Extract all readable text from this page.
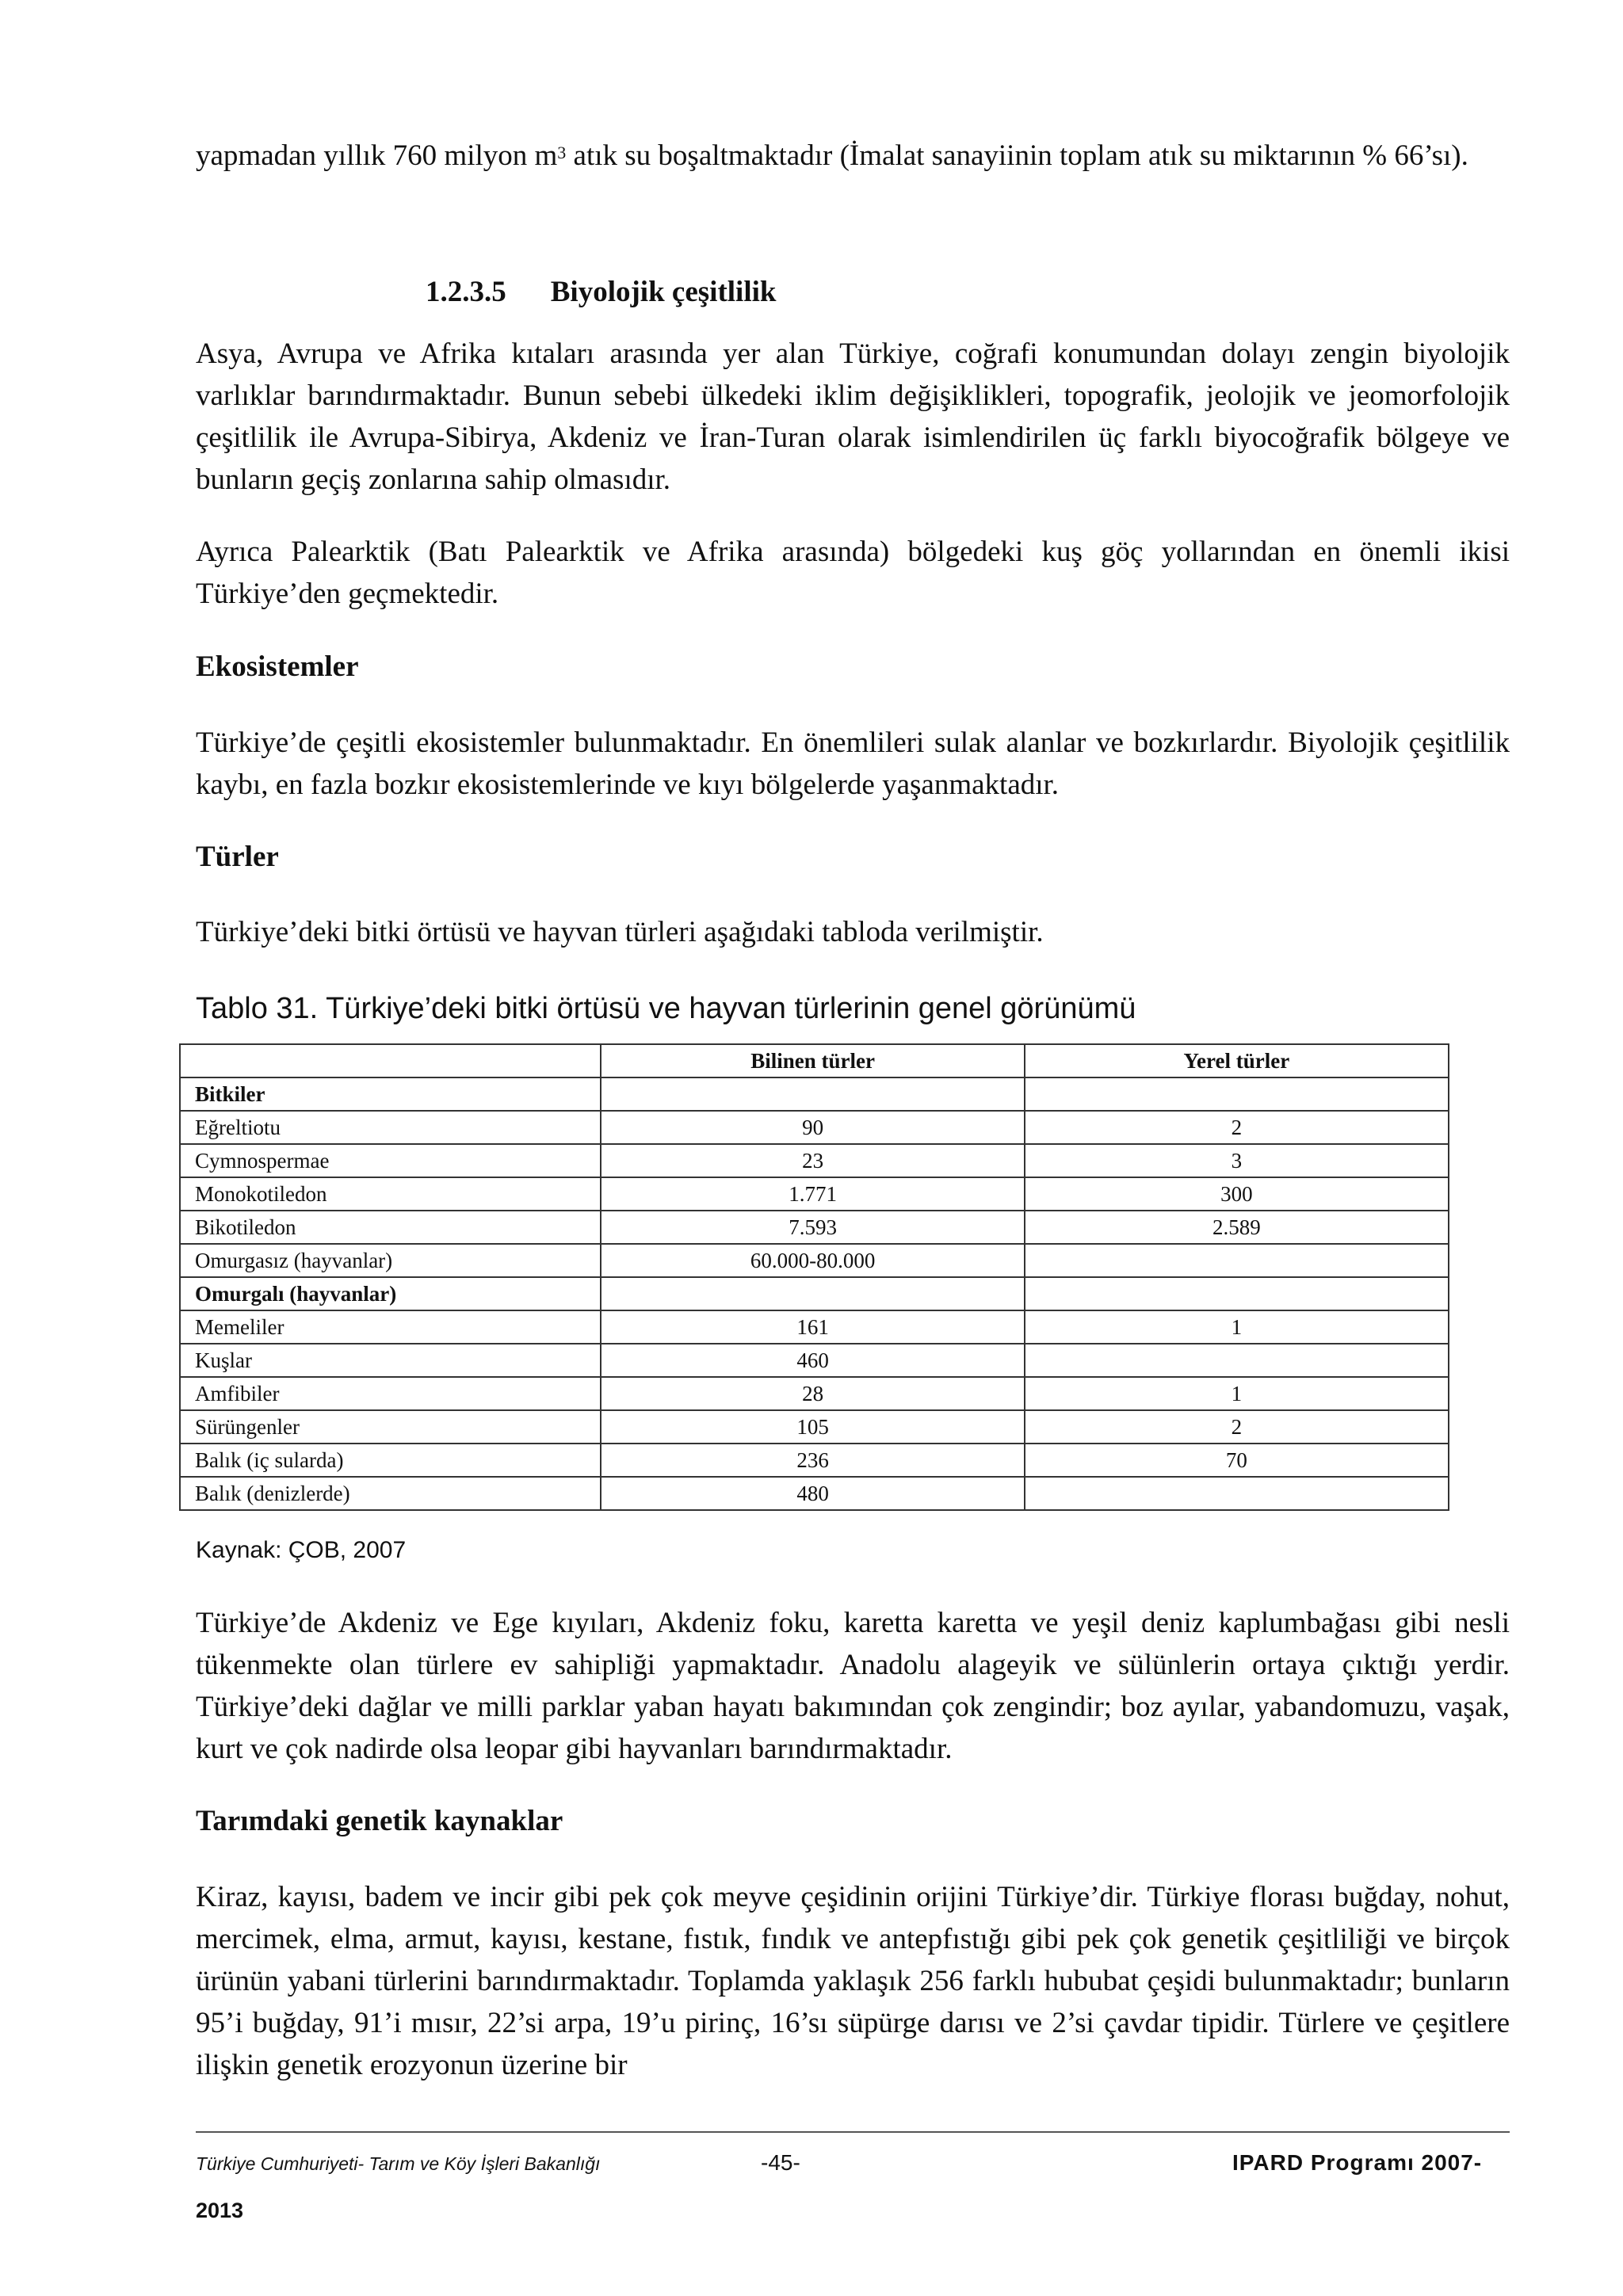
yapmadan yıllık 760 milyon $m^3$ atık su boşaltmaktadır (İmalat sanayiinin toplam atık su miktarının % 66’sı).
1.2.3.5 Biyolojik çeşitlilik
Asya, Avrupa ve Afrika kıtaları arasında yer alan Türkiye, coğrafi konumundan dolayı zengin biyolojik varlıklar barındırmaktadır. Bunun sebebi ülkedeki iklim değişiklikleri, topografik, jeolojik ve jeomorfolojik çeşitlilik ile Avrupa-Sibirya, Akdeniz ve İran-Turan olarak isimlendirilen üç farklı biyocoğrafik bölgeye ve bunların geçiş zonlarına sahip olmasıdır.
Ayrıca Palearktik (Batı Palearktik ve Afrika arasında) bölgedeki kuş göç yollarından en önemli ikisi Türkiye’den geçmektedir.
Ekosistemler
Türkiye’de çeşitli ekosistemler bulunmaktadır. En önemlileri sulak alanlar ve bozkırlardır. Biyolojik çeşitlilik kaybı, en fazla bozkır ekosistemlerinde ve kıyı bölgelerde yaşanmaktadır.
Türler
Türkiye’deki bitki örtüsü ve hayvan türleri aşağıdaki tabloda verilmiştir.
Tablo 31. Türkiye’deki bitki örtüsü ve hayvan türlerinin genel görünümü
	Bilinen türler	Yerel türler
Bitkiler		
Eğreltiotu	90	2
Cymnospermae	23	3
Monokotiledon	1.771	300
Bikotiledon	7.593	2.589
Omurgasız (hayvanlar)	60.000-80.000	
Omurgalı (hayvanlar)		
Memeliler	161	1
Kuşlar	460	
Amfibiler	28	1
Sürüngenler	105	2
Balık (iç sularda)	236	70
Balık (denizlerde)	480	
Kaynak: ÇOB, 2007
Türkiye’de Akdeniz ve Ege kıyıları, Akdeniz foku, karetta karetta ve yeşil deniz kaplumbağası gibi nesli tükenmekte olan türlere ev sahipliği yapmaktadır. Anadolu alageyik ve sülünlerin ortaya çıktığı yerdir. Türkiye’deki dağlar ve milli parklar yaban hayatı bakımından çok zengindir; boz ayılar, yabandomuzu, vaşak, kurt ve çok nadirde olsa leopar gibi hayvanları barındırmaktadır.
Tarımdaki genetik kaynaklar
Kiraz, kayısı, badem ve incir gibi pek çok meyve çeşidinin orijini Türkiye’dir. Türkiye florası buğday, nohut, mercimek, elma, armut, kayısı, kestane, fıstık, fındık ve antepfıstığı gibi pek çok genetik çeşitliliği ve birçok ürünün yabani türlerini barındırmaktadır. Toplamda yaklaşık 256 farklı hububat çeşidi bulunmaktadır; bunların 95’i buğday, 91’i mısır, 22’si arpa, 19’u pirinç, 16’sı süpürge darısı ve 2’si çavdar tipidir. Türlere ve çeşitlere ilişkin genetik erozyonun üzerine bir
Türkiye Cumhuriyeti- Tarım ve Köy İşleri Bakanlığı	-45-	IPARD Programı 2007-
2013
